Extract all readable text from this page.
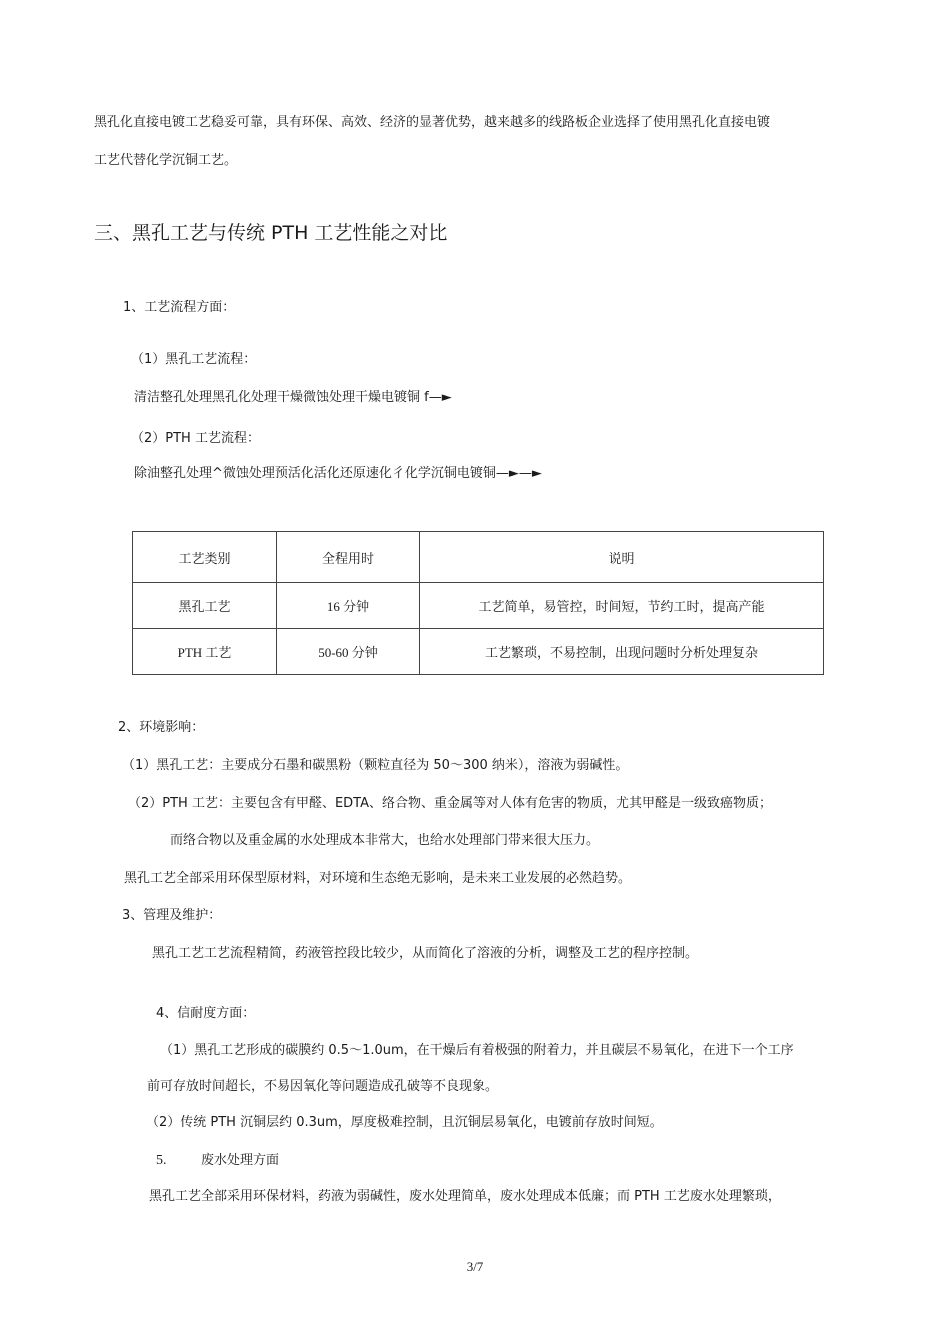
黑孔化直接电镀工艺稳妥可靠，具有环保、高效、经济的显著优势，越来越多的线路板企业选择了使用黑孔化直接电镀
工艺代替化学沉铜工艺。
三、黑孔工艺与传统 PTH 工艺性能之对比
1、工艺流程方面：
（1）黑孔工艺流程：
清洁整孔处理黑孔化处理干燥微蚀处理干燥电镀铜 f—►
（2）PTH 工艺流程：
除油整孔处理^微蚀处理预活化活化还原速化彳化学沉铜电镀铜—►—►
工艺类别	全程用时	说明
黑孔工艺	16 分钟	工艺简单，易管控，时间短，节约工时，提高产能
PTH 工艺	50-60 分钟	工艺繁琐，不易控制，出现问题时分析处理复杂
2、环境影响：
（1）黑孔工艺：主要成分石墨和碳黑粉（颗粒直径为 50〜300 纳米），溶液为弱碱性。
（2）PTH 工艺：主要包含有甲醛、EDTA、络合物、重金属等对人体有危害的物质，尤其甲醛是一级致癌物质；
而络合物以及重金属的水处理成本非常大，也给水处理部门带来很大压力。
黑孔工艺全部采用环保型原材料，对环境和生态绝无影响，是未来工业发展的必然趋势。
3、管理及维护：
黑孔工艺工艺流程精简，药液管控段比较少，从而简化了溶液的分析，调整及工艺的程序控制。
4、信耐度方面：
（1）黑孔工艺形成的碳膜约 0.5〜1.0um，在干燥后有着极强的附着力，并且碳层不易氧化，在进下一个工序
前可存放时间超长，不易因氧化等问题造成孔破等不良现象。
（2）传统 PTH 沉铜层约 0.3um，厚度极难控制，且沉铜层易氧化，电镀前存放时间短。
5.	废水处理方面
黑孔工艺全部采用环保材料，药液为弱碱性，废水处理简单，废水处理成本低廉；而 PTH 工艺废水处理繁琐，
3/7
